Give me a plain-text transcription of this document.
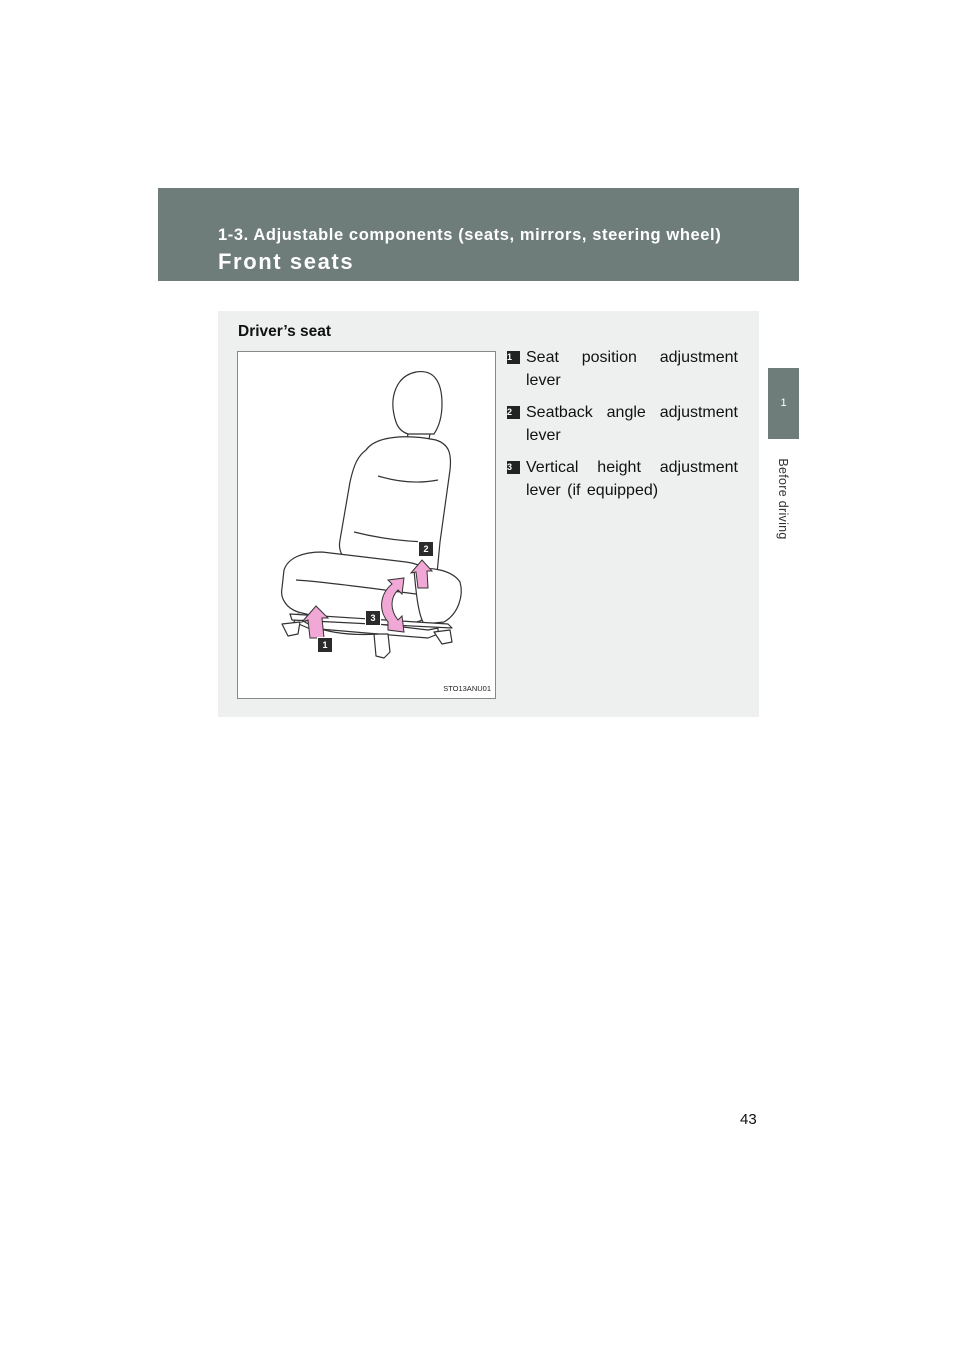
1-3. Adjustable components (seats, mirrors, steering wheel)
Front seats
1
Before driving
Driver’s seat
1
2
3
STO13ANU01
1 Seat position adjustment lever
2 Seatback angle adjustment lever
3 Vertical height adjustment lever (if equipped)
43
